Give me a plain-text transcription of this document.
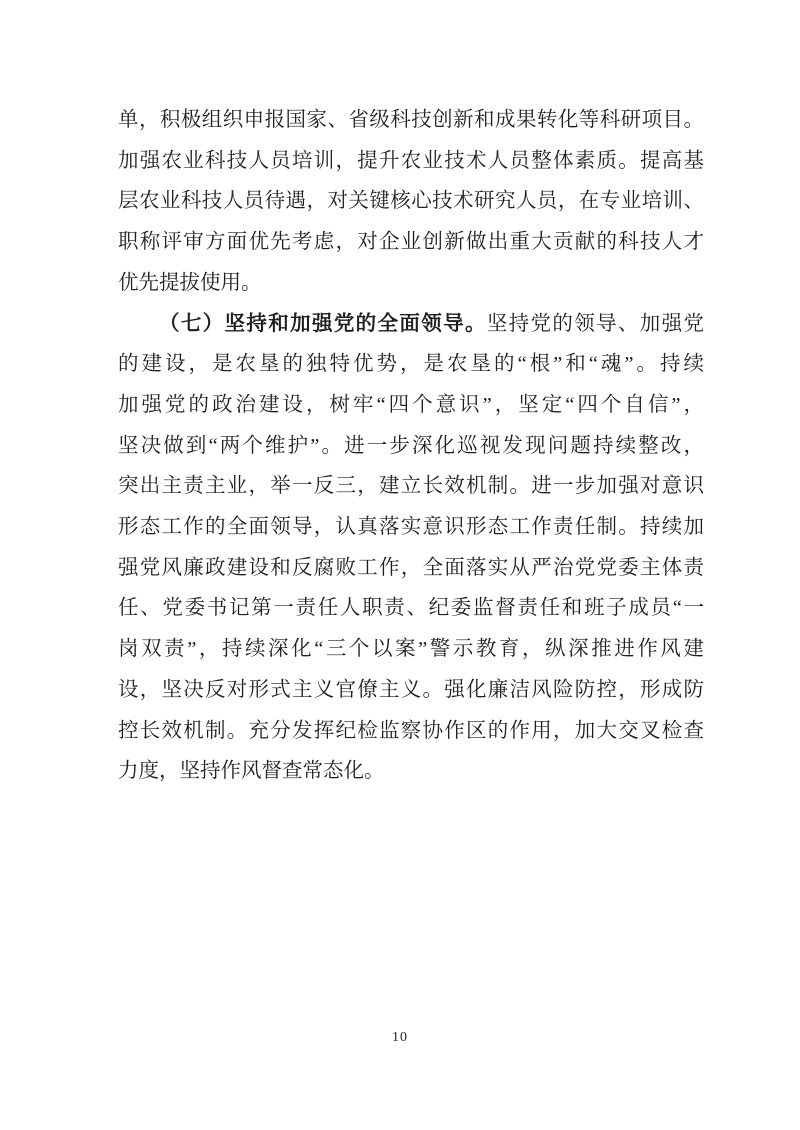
单，积极组织申报国家、省级科技创新和成果转化等科研项目。
加强农业科技人员培训，提升农业技术人员整体素质。提高基
层农业科技人员待遇，对关键核心技术研究人员，在专业培训、
职称评审方面优先考虑，对企业创新做出重大贡献的科技人才
优先提拔使用。
（七）坚持和加强党的全面领导。坚持党的领导、加强党
的建设，是农垦的独特优势，是农垦的“根”和“魂”。持续
加强党的政治建设，树牢“四个意识”，坚定“四个自信”，
坚决做到“两个维护”。进一步深化巡视发现问题持续整改，
突出主责主业，举一反三，建立长效机制。进一步加强对意识
形态工作的全面领导，认真落实意识形态工作责任制。持续加
强党风廉政建设和反腐败工作，全面落实从严治党党委主体责
任、党委书记第一责任人职责、纪委监督责任和班子成员“一
岗双责”，持续深化“三个以案”警示教育，纵深推进作风建
设，坚决反对形式主义官僚主义。强化廉洁风险防控，形成防
控长效机制。充分发挥纪检监察协作区的作用，加大交叉检查
力度，坚持作风督查常态化。
10
